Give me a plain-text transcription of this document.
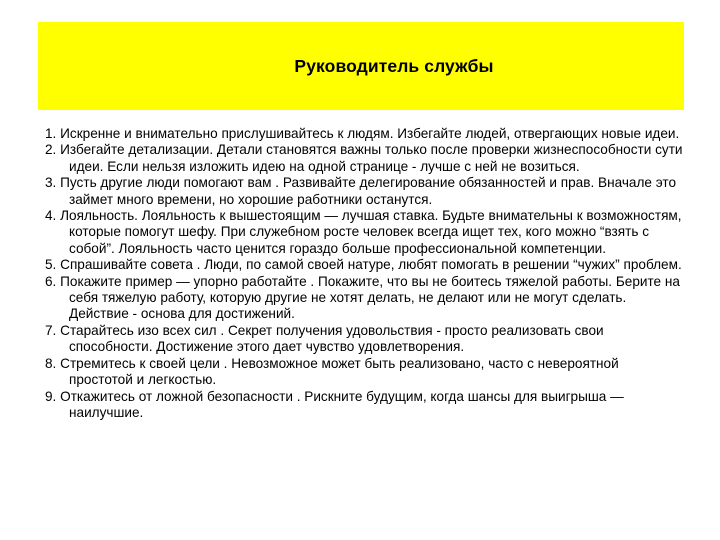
Руководитель службы

1. Искренне и внимательно прислушивайтесь к людям. Избегайте людей, отвергающих новые идеи.

2. Избегайте детализации. Детали становятся важны только после проверки жизнеспособности сути идеи. Если нельзя изложить идею на одной странице - лучше с ней не возиться.

3. Пусть другие люди помогают вам . Развивайте делегирование обязанностей и прав. Вначале это займет много времени, но хорошие работники останутся.

4. Лояльность. Лояльность к вышестоящим — лучшая ставка. Будьте внимательны к возможностям, которые помогут шефу. При служебном росте человек всегда ищет тех, кого можно “взять с собой”. Лояльность часто ценится гораздо больше профессиональной компетенции.

5. Спрашивайте совета . Люди, по самой своей натуре, любят помогать в решении “чужих” проблем.

6. Покажите пример — упорно работайте . Покажите, что вы не боитесь тяжелой работы. Берите на себя тяжелую работу, которую другие не хотят делать, не делают или не могут сделать. Действие - основа для достижений.

7. Старайтесь изо всех сил . Секрет получения удовольствия - просто реализовать свои способности. Достижение этого дает чувство удовлетворения.

8. Стремитесь к своей цели . Невозможное может быть реализовано, часто с невероятной простотой и легкостью.

9. Откажитесь от ложной безопасности . Рискните будущим, когда шансы для выигрыша — наилучшие.
